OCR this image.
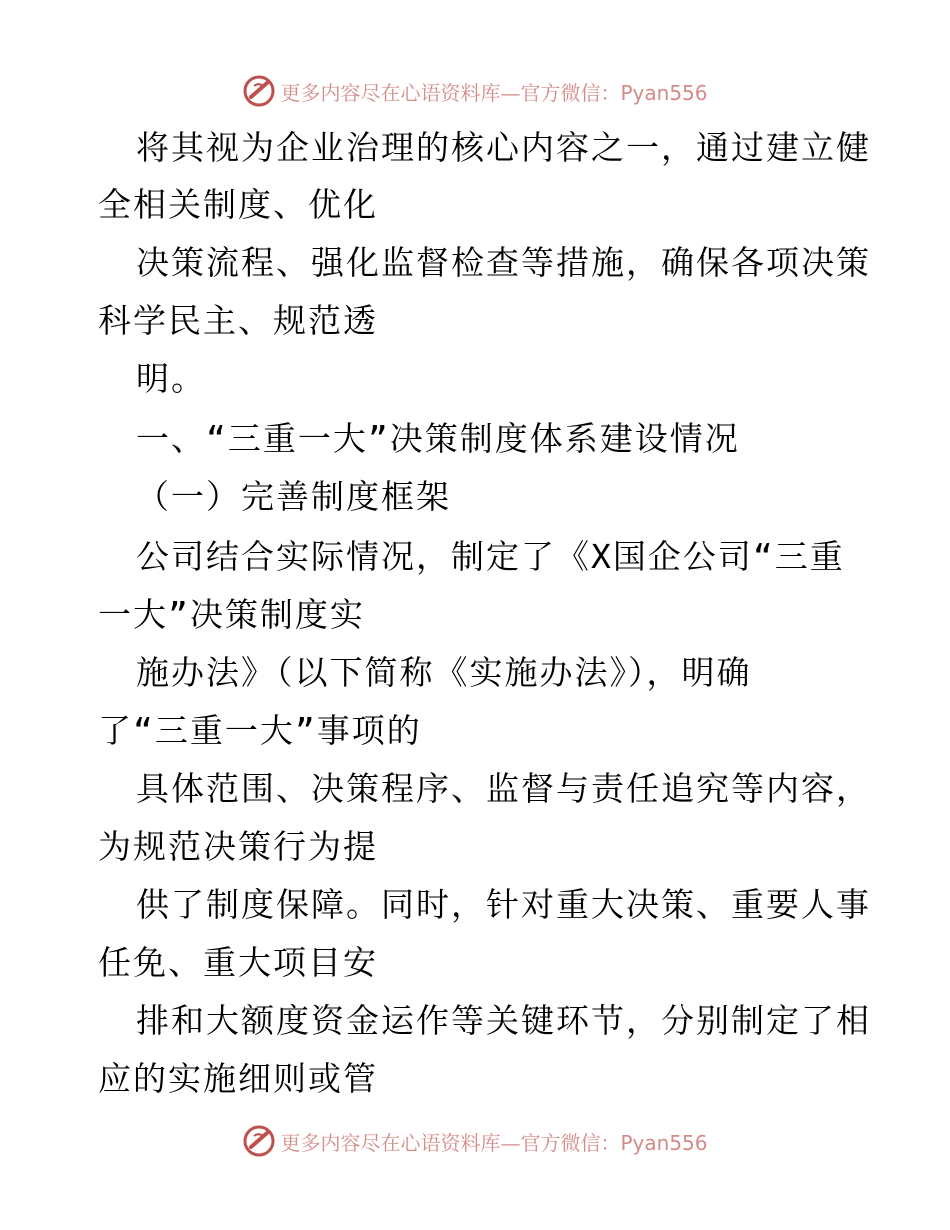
更多内容尽在心语资料库—官方微信：Pyan556
将其视为企业治理的核心内容之一，通过建立健
全相关制度、优化
决策流程、强化监督检查等措施，确保各项决策
科学民主、规范透
明。
一、“三重一大”决策制度体系建设情况
（一）完善制度框架
公司结合实际情况，制定了《X国企公司“三重
一大”决策制度实
施办法》（以下简称《实施办法》），明确
了“三重一大”事项的
具体范围、决策程序、监督与责任追究等内容，
为规范决策行为提
供了制度保障。同时，针对重大决策、重要人事
任免、重大项目安
排和大额度资金运作等关键环节，分别制定了相
应的实施细则或管
更多内容尽在心语资料库—官方微信：Pyan556
